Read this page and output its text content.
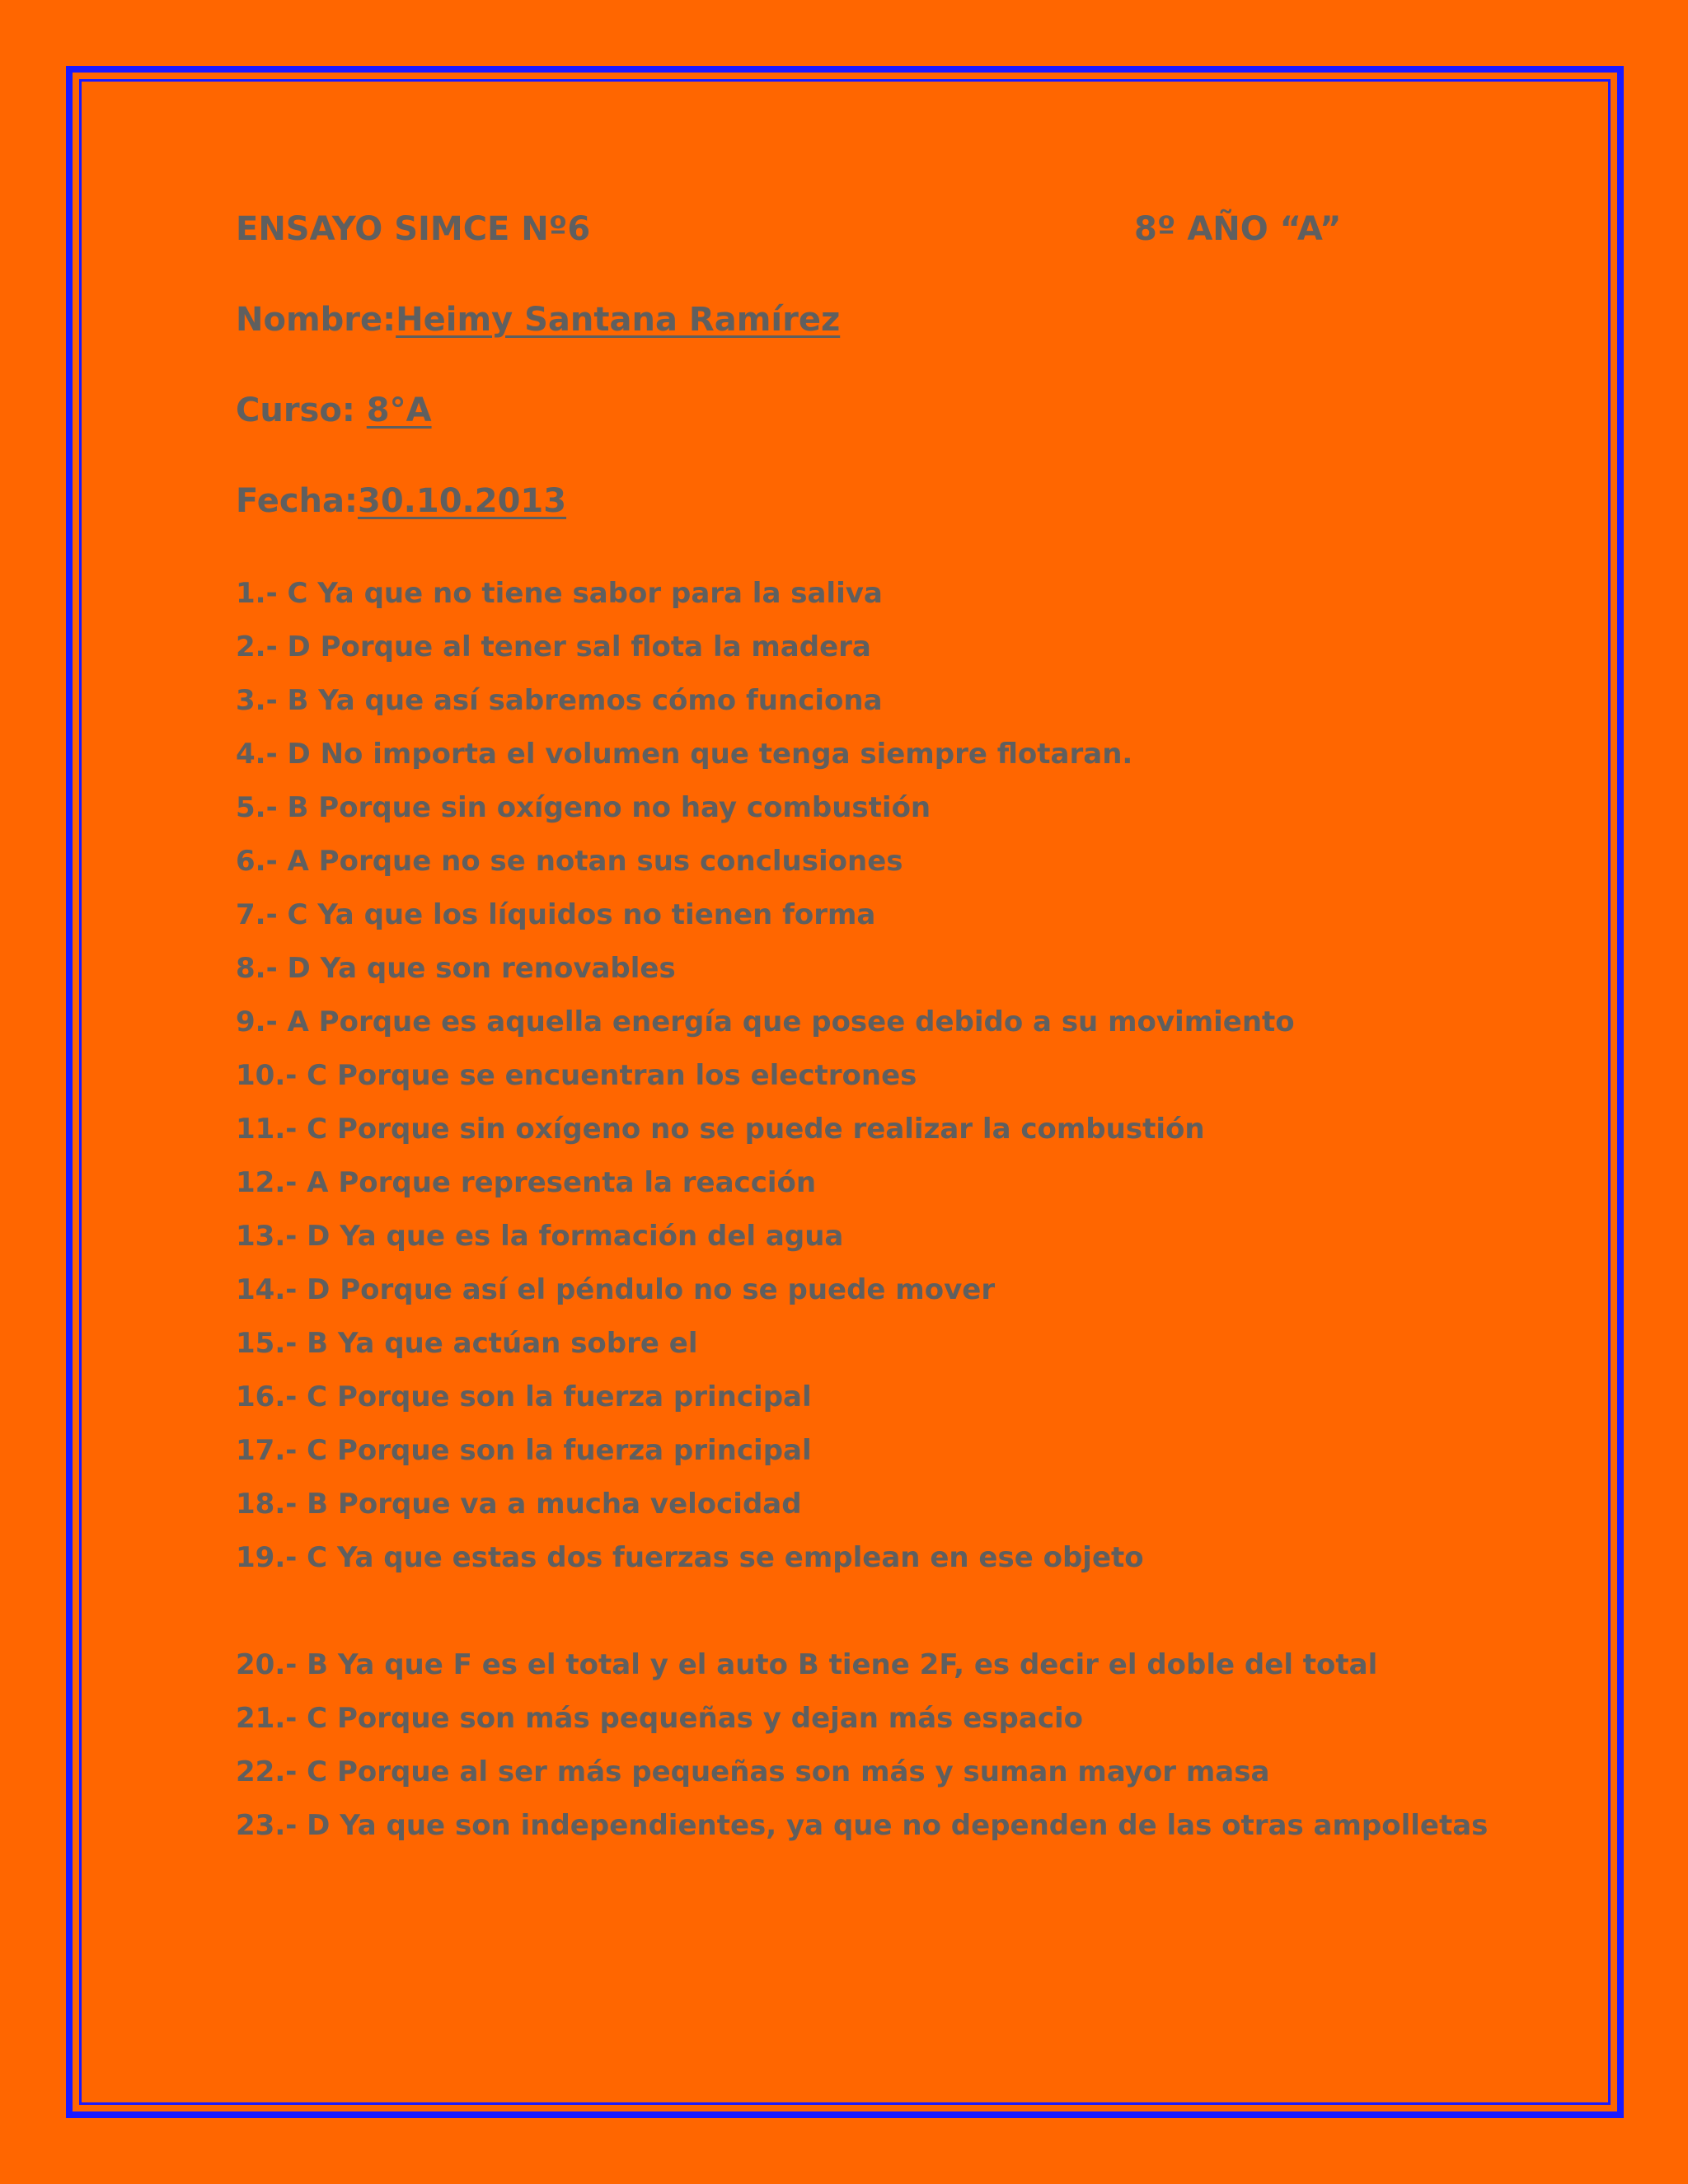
ENSAYO SIMCE Nº6	8º AÑO “A”
Nombre:Heimy Santana Ramírez
Curso: 8°A
Fecha:30.10.2013
1.- C Ya que no tiene sabor para la saliva
2.- D Porque al tener sal flota la madera
3.- B Ya que así sabremos cómo funciona
4.- D No importa el volumen que tenga siempre flotaran.
5.- B Porque sin oxígeno no hay combustión
6.- A Porque no se notan sus conclusiones
7.- C Ya que los líquidos no tienen forma
8.- D Ya que son renovables
9.- A Porque es aquella energía que posee debido a su movimiento
10.- C Porque se encuentran los electrones
11.- C Porque sin oxígeno no se puede realizar la combustión
12.- A Porque representa la reacción
13.- D Ya que es la formación del agua
14.- D Porque así el péndulo no se puede mover
15.- B Ya que actúan sobre el
16.- C Porque son la fuerza principal
17.- C Porque son la fuerza principal
18.- B Porque va a mucha velocidad
19.- C Ya que estas dos fuerzas se emplean en ese objeto
20.- B Ya que F es el total y el auto B tiene 2F, es decir el doble del total
21.- C Porque son más pequeñas y dejan más espacio
22.- C Porque al ser más pequeñas son más y suman mayor masa
23.- D Ya que son independientes, ya que no dependen de las otras ampolletas
